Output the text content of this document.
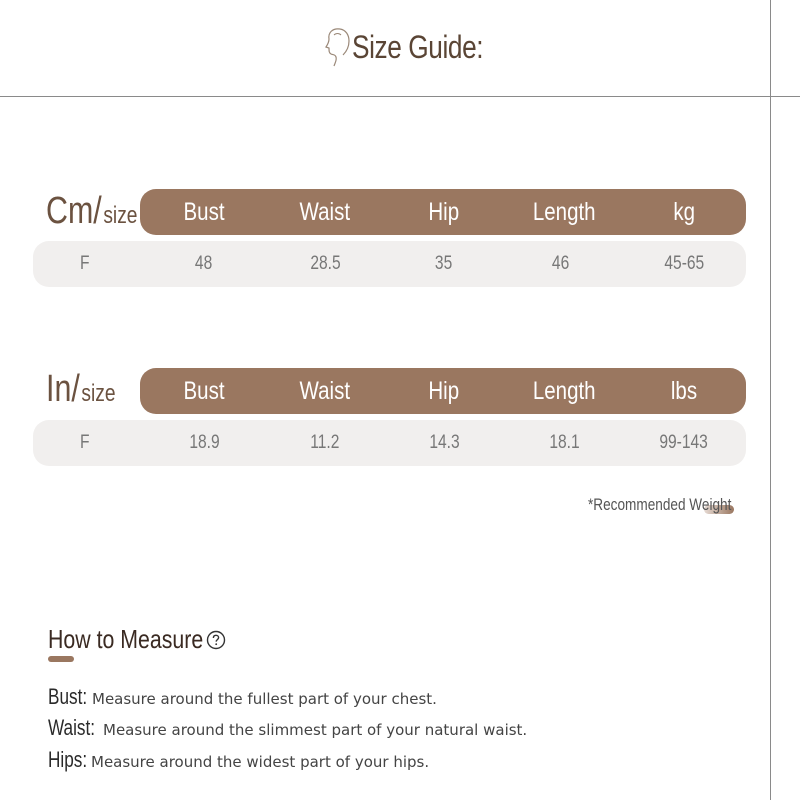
Size Guide:
Cm/ size	Bust	Waist	Hip	Length	kg
F	48	28.5	35	46	45-65
In/ size	Bust	Waist	Hip	Length	lbs
F	18.9	11.2	14.3	18.1	99-143
*Recommended Weight
How to Measure
Bust: Measure around the fullest part of your chest.
Waist: Measure around the slimmest part of your natural waist.
Hips: Measure around the widest part of your hips.
